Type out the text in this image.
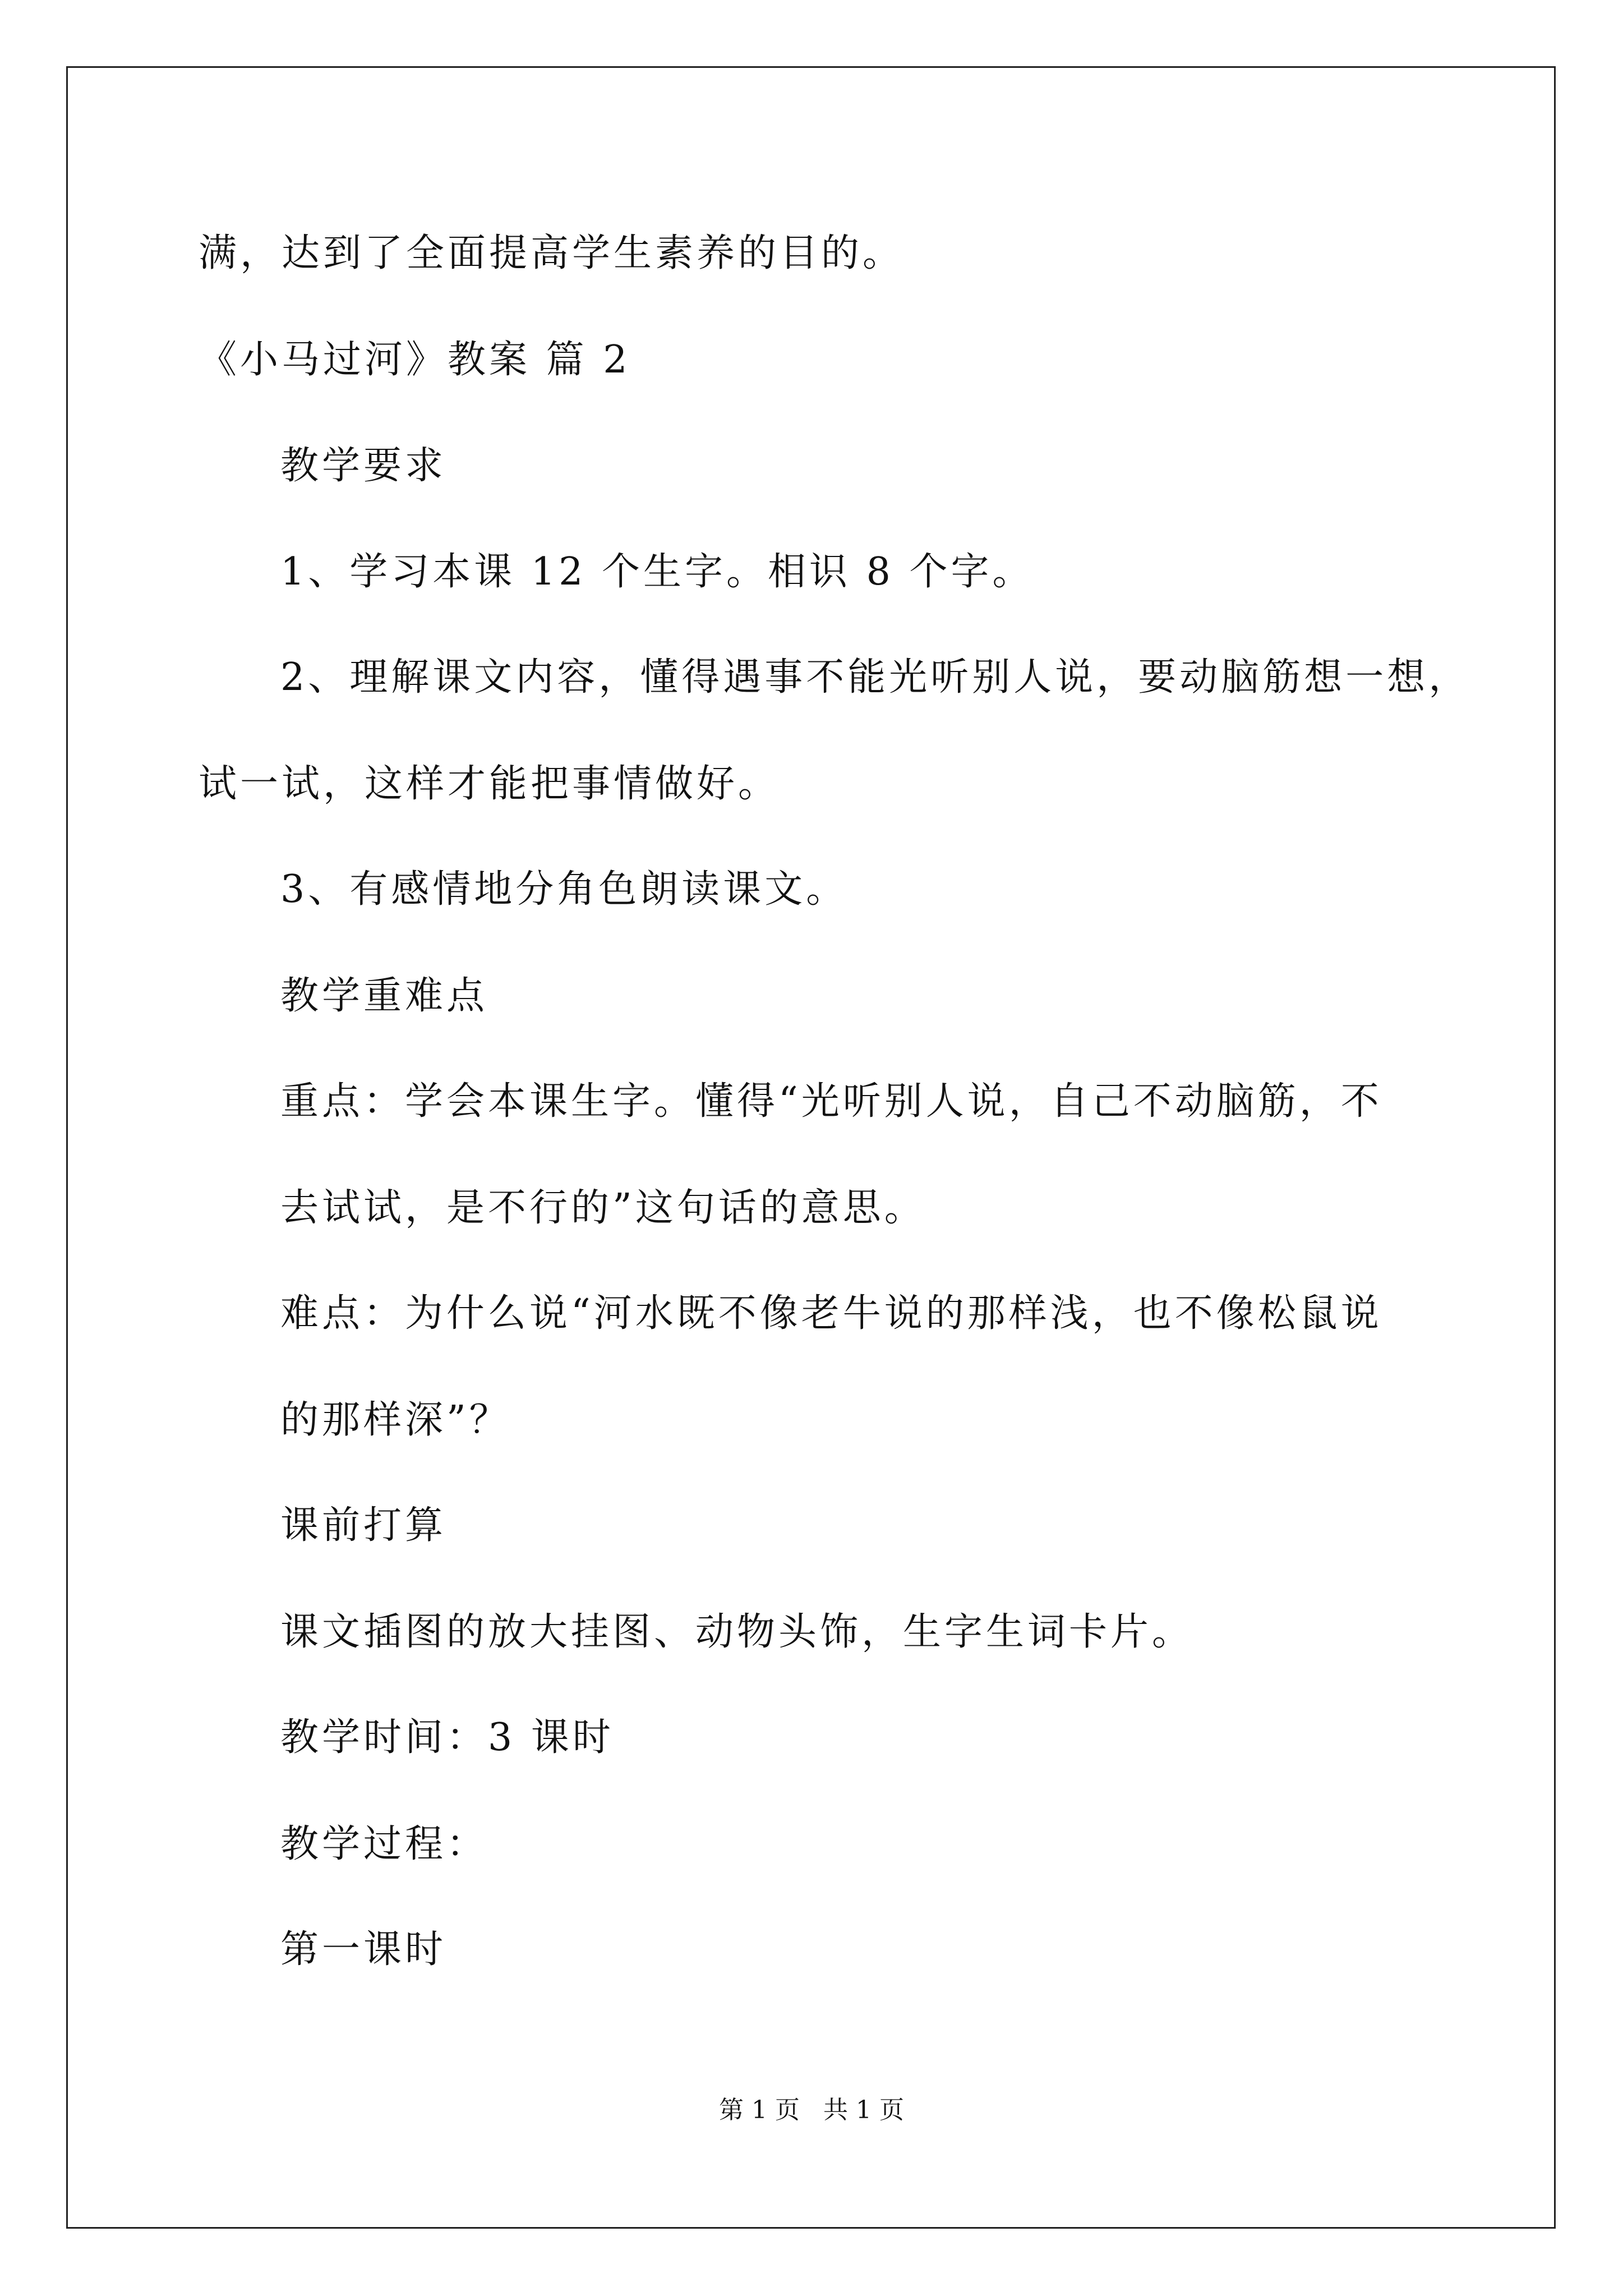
满，达到了全面提高学生素养的目的。
《小马过河》教案 篇 2
教学要求
1、学习本课 12 个生字。相识 8 个字。
2、理解课文内容，懂得遇事不能光听别人说，要动脑筋想一想，
试一试，这样才能把事情做好。
3、有感情地分角色朗读课文。
教学重难点
重点：学会本课生字。懂得“光听别人说，自己不动脑筋，不
去试试，是不行的”这句话的意思。
难点：为什么说“河水既不像老牛说的那样浅，也不像松鼠说
的那样深”？
课前打算
课文插图的放大挂图、动物头饰，生字生词卡片。
教学时间：3 课时
教学过程：
第一课时
第 1 页   共 1 页
